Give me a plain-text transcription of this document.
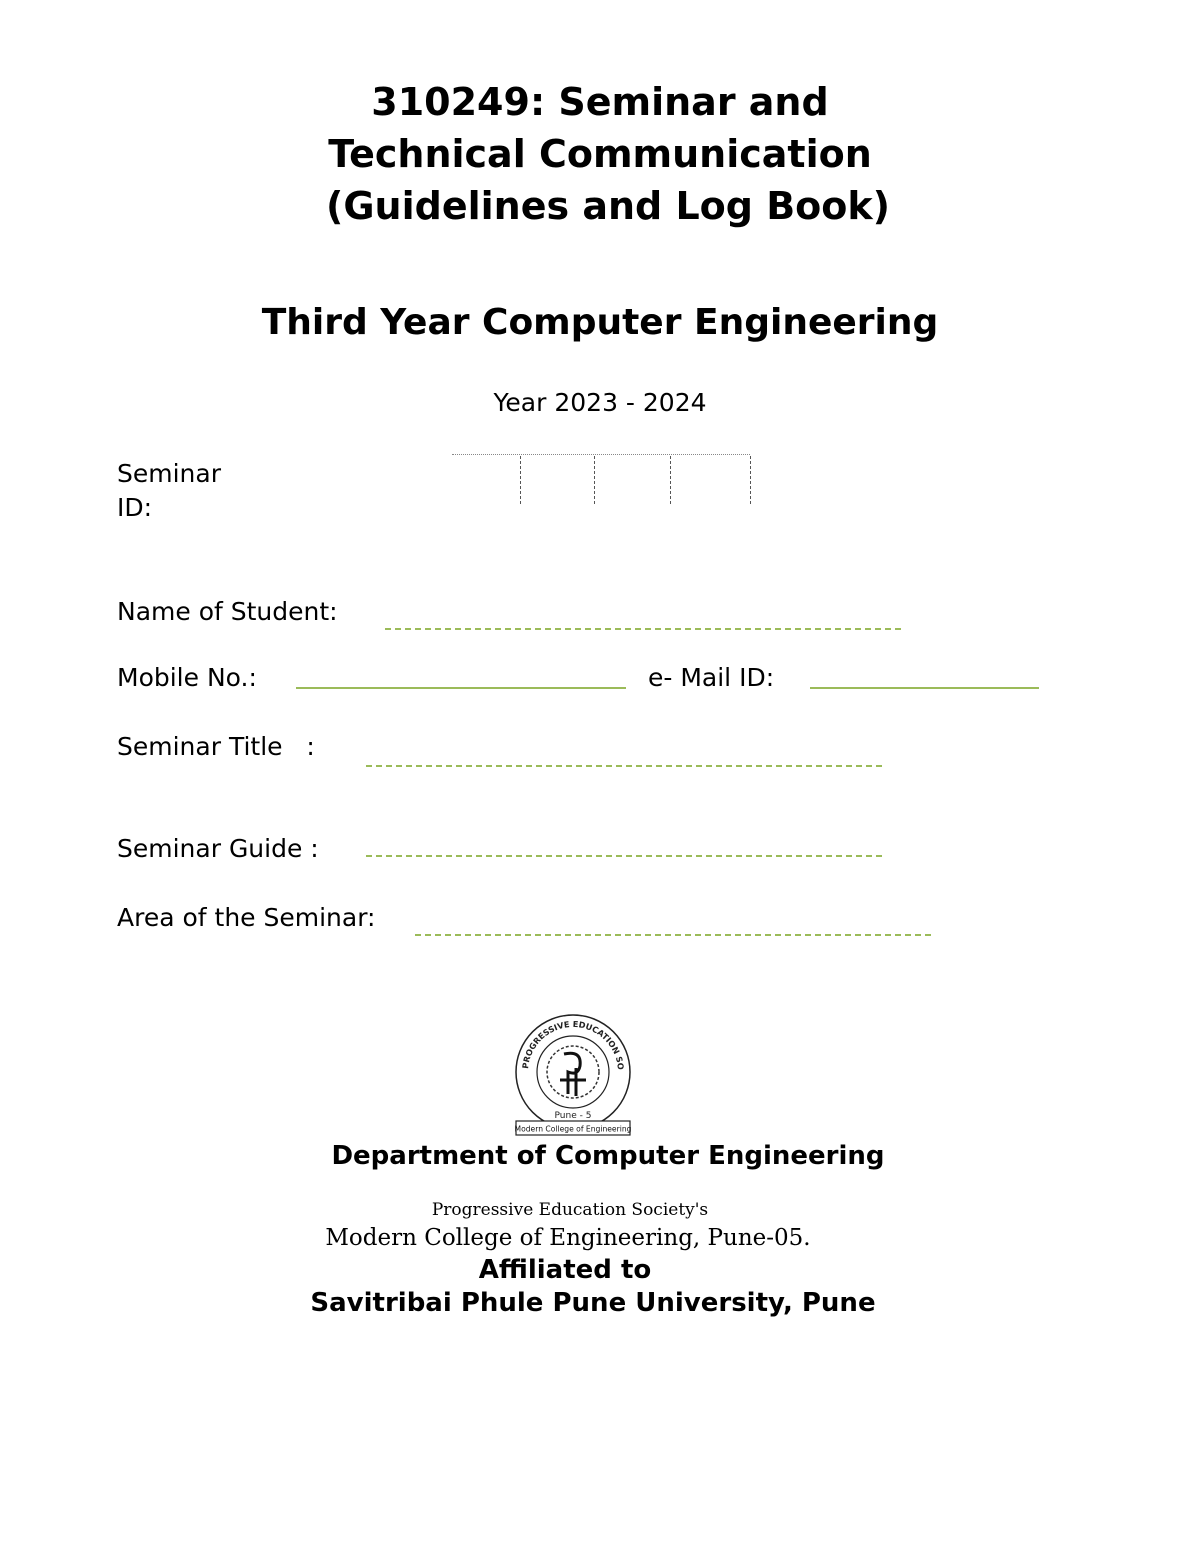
310249: Seminar and
Technical Communication
(Guidelines and Log Book)
Third Year Computer Engineering
Year 2023 - 2024
Seminar
ID:
Name of Student:
Mobile No.:	e- Mail ID:
Seminar Title   :
Seminar Guide :
Area of the Seminar:
PROGRESSIVE EDUCATION SO
Pune - 5
Modern College of Engineering
Department of Computer Engineering
Progressive Education Society's
Modern College of Engineering, Pune-05.
Affiliated to
Savitribai Phule Pune University, Pune
